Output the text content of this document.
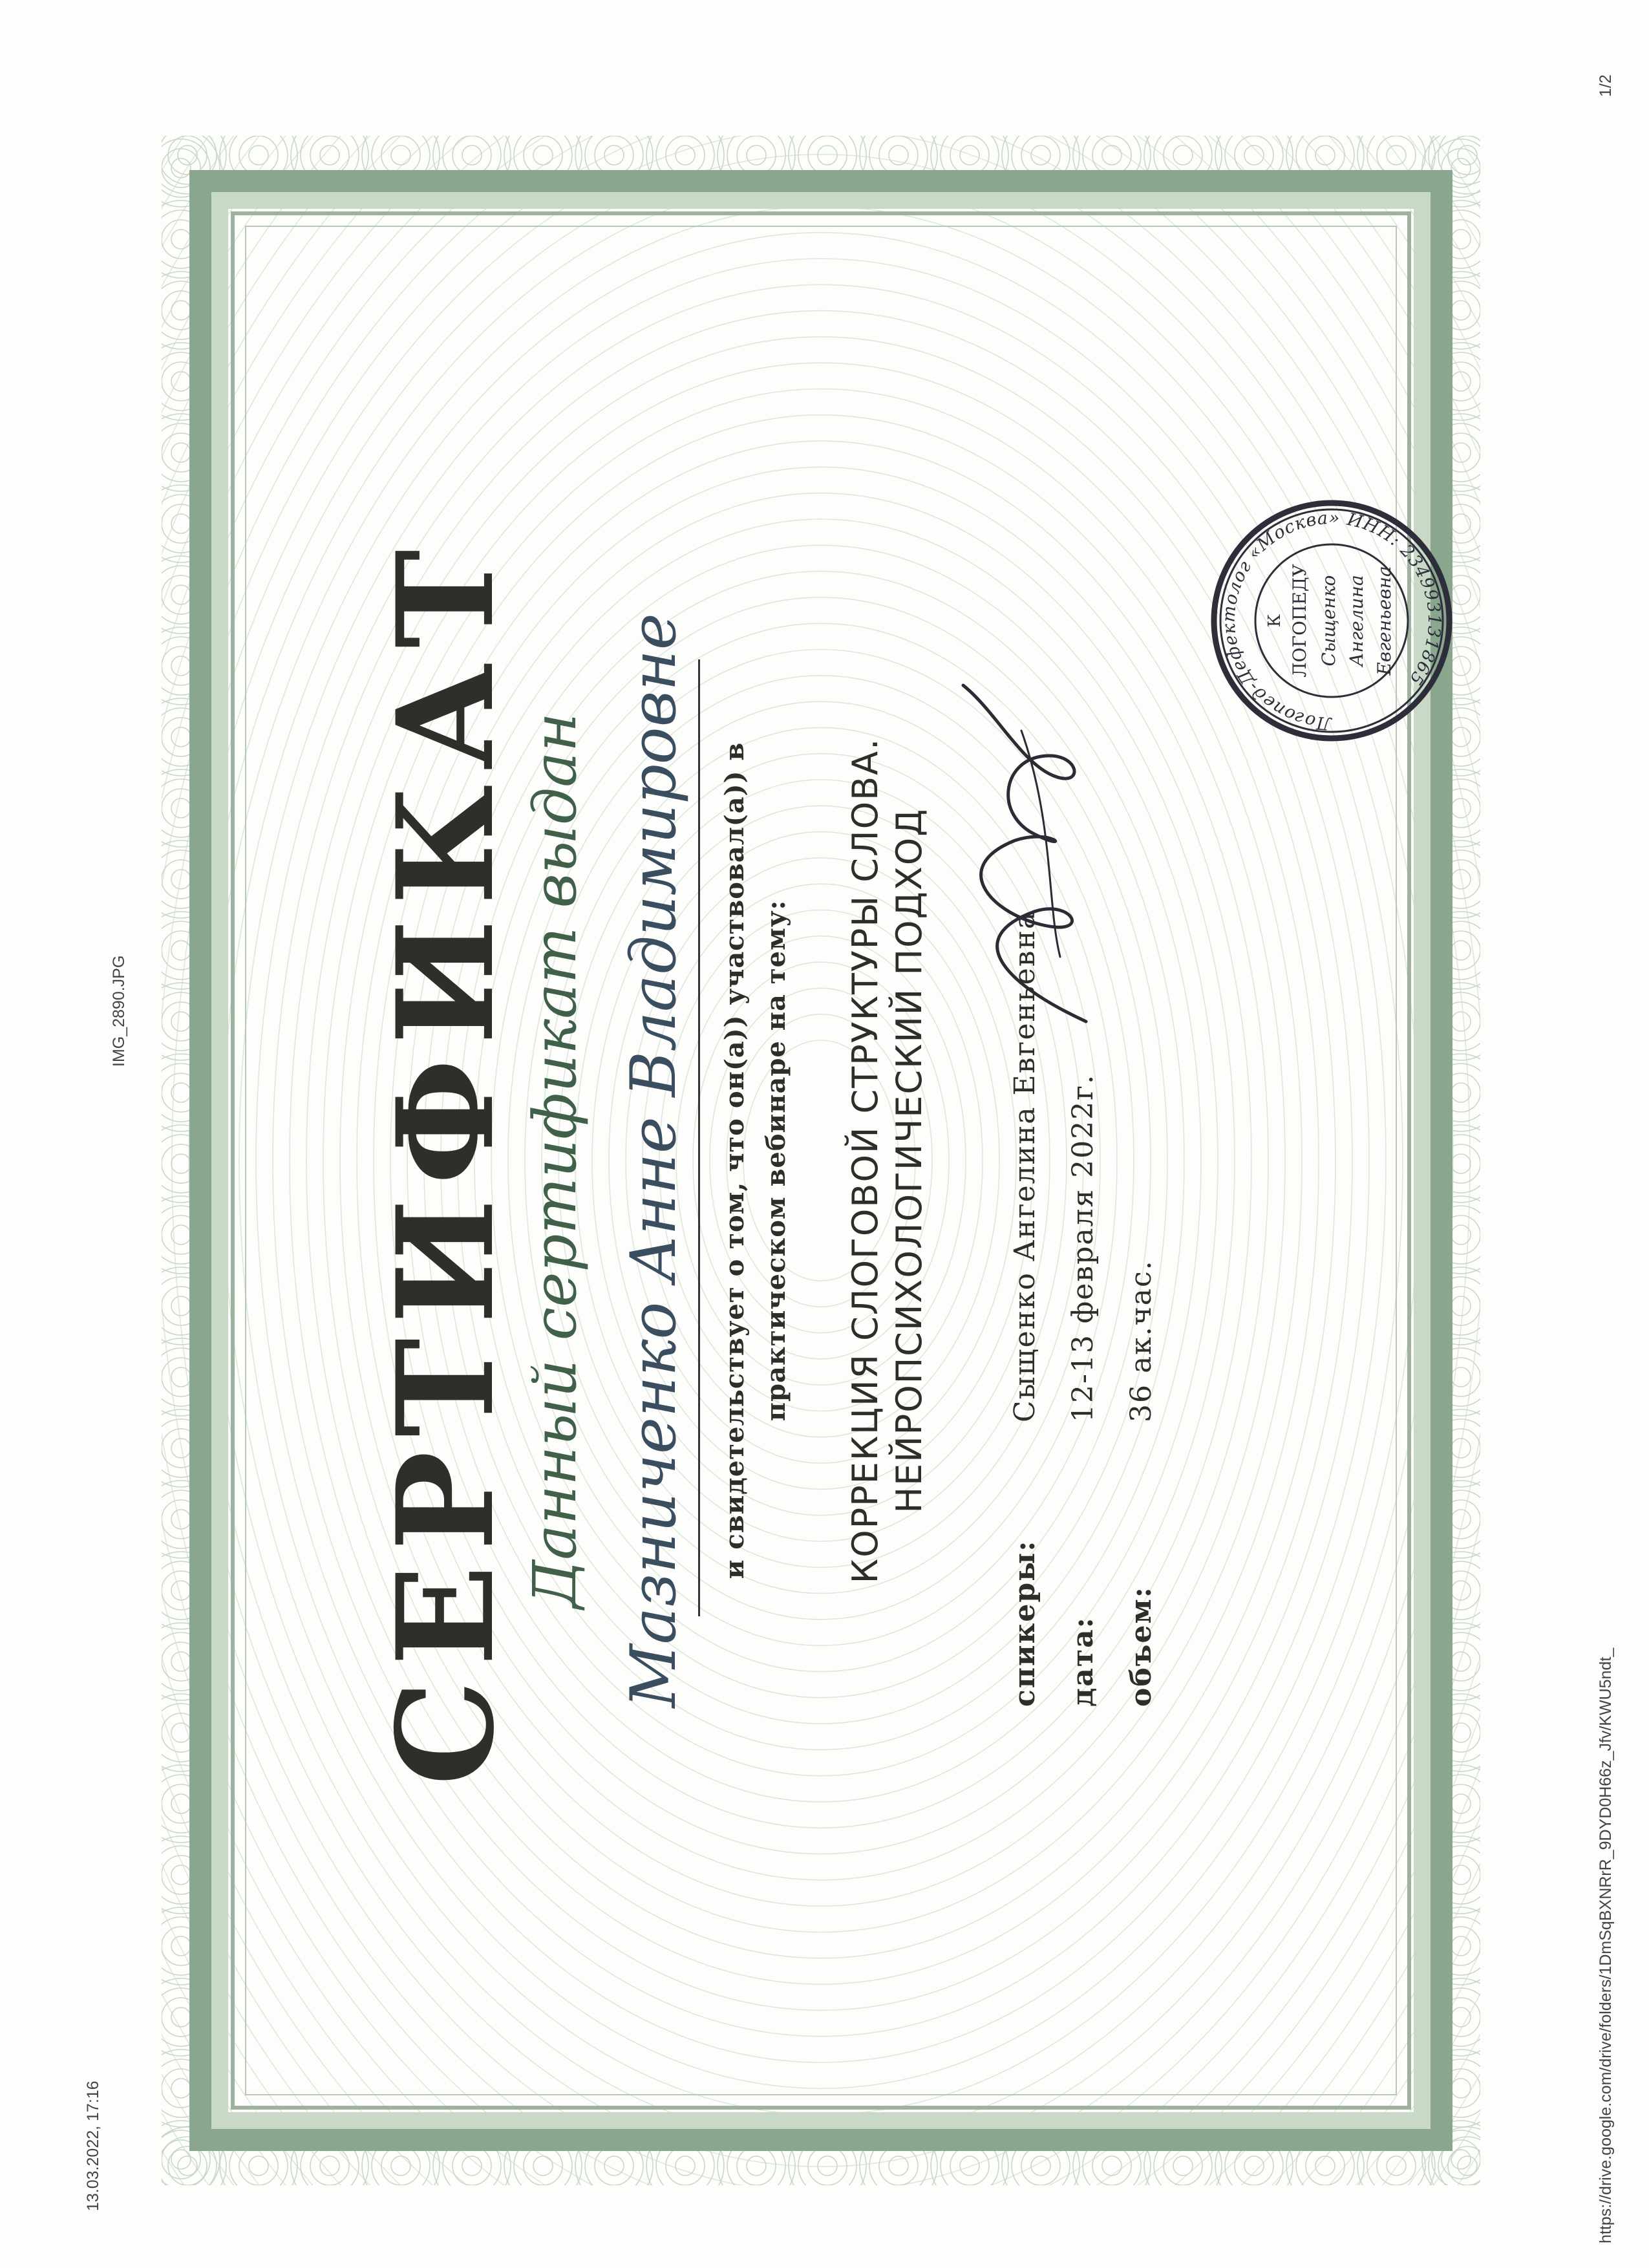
13.03.2022, 17:16
IMG_2890.JPG
https://drive.google.com/drive/folders/1DmSqBXNRrR_9DYD0H66z_Jfv/KWU5ndt_
1/2
СЕРТИФИКАТ
Данный сертификат выдан Мазниченко Анне Владимировне и свидетельствует о том, что он(а)) участвовал(а)) в практическом вебинаре на тему: КОРРЕКЦИЯ СЛОГОВОЙ СТРУКТУРЫ СЛОВА. НЕЙРОПСИХОЛОГИЧЕСКИЙ ПОДХОД
спикеры:
Сыщенко Ангелина Евгеньевна
дата:
12-13 февраля 2022г.
объем:
36 ак.час.
Логопед-Дефектолог «Москва» ИНН: 234993131865
К ЛОГОПЕДУ Сыщенко Ангелина Евгеньевна
